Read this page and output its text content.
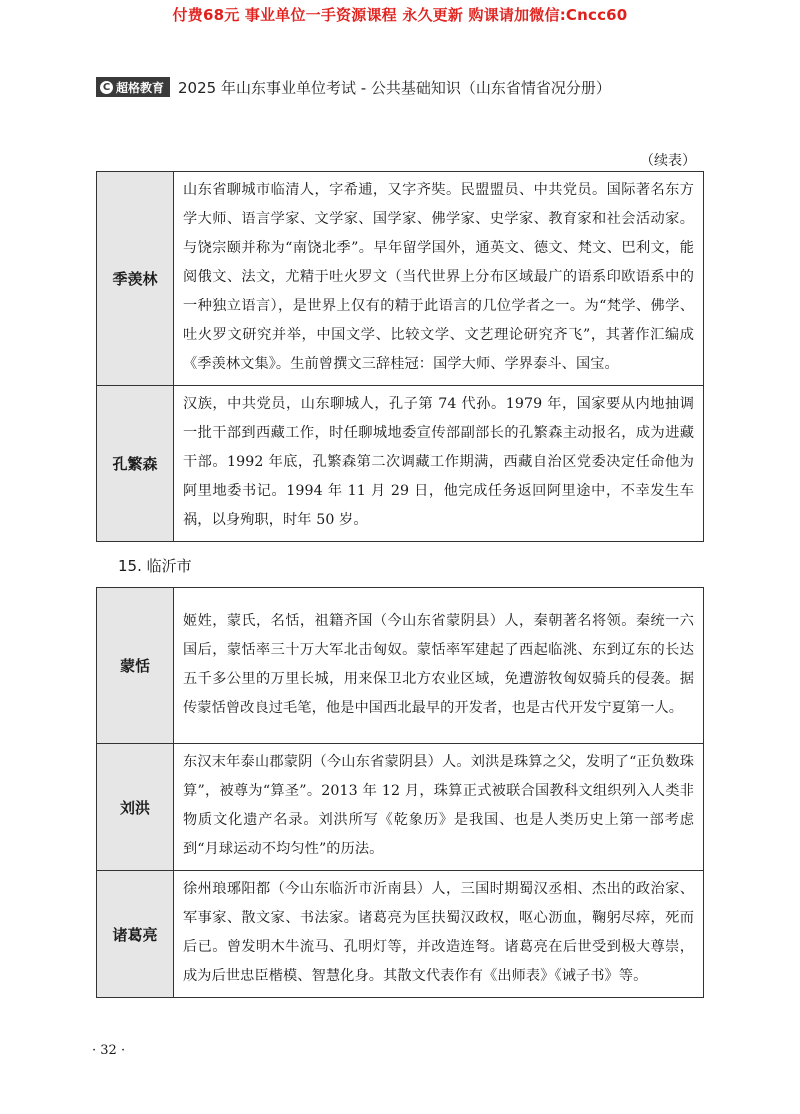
付费68元 事业单位一手资源课程 永久更新 购课请加微信:Cncc60
C 超格教育 2025 年山东事业单位考试 - 公共基础知识（山东省情省况分册）
（续表）
季羡林	山东省聊城市临清人，字希逋，又字齐奘。民盟盟员、中共党员。国际著名东方学大师、语言学家、文学家、国学家、佛学家、史学家、教育家和社会活动家。与饶宗颐并称为“南饶北季”。早年留学国外，通英文、德文、梵文、巴利文，能阅俄文、法文，尤精于吐火罗文（当代世界上分布区域最广的语系印欧语系中的一种独立语言），是世界上仅有的精于此语言的几位学者之一。为“梵学、佛学、吐火罗文研究并举，中国文学、比较文学、文艺理论研究齐飞”，其著作汇编成《季羡林文集》。生前曾撰文三辞桂冠：国学大师、学界泰斗、国宝。
孔繁森	汉族，中共党员，山东聊城人，孔子第 74 代孙。1979 年，国家要从内地抽调一批干部到西藏工作，时任聊城地委宣传部副部长的孔繁森主动报名，成为进藏干部。1992 年底，孔繁森第二次调藏工作期满，西藏自治区党委决定任命他为阿里地委书记。1994 年 11 月 29 日，他完成任务返回阿里途中，不幸发生车祸，以身殉职，时年 50 岁。
15. 临沂市
蒙恬	姬姓，蒙氏，名恬，祖籍齐国（今山东省蒙阴县）人，秦朝著名将领。秦统一六国后，蒙恬率三十万大军北击匈奴。蒙恬率军建起了西起临洮、东到辽东的长达五千多公里的万里长城，用来保卫北方农业区域，免遭游牧匈奴骑兵的侵袭。据传蒙恬曾改良过毛笔，他是中国西北最早的开发者，也是古代开发宁夏第一人。
刘洪	东汉末年泰山郡蒙阴（今山东省蒙阴县）人。刘洪是珠算之父，发明了“正负数珠算”，被尊为“算圣”。2013 年 12 月，珠算正式被联合国教科文组织列入人类非物质文化遗产名录。刘洪所写《乾象历》是我国、也是人类历史上第一部考虑到“月球运动不均匀性”的历法。
诸葛亮	徐州琅琊阳都（今山东临沂市沂南县）人，三国时期蜀汉丞相、杰出的政治家、军事家、散文家、书法家。诸葛亮为匡扶蜀汉政权，呕心沥血，鞠躬尽瘁，死而后已。曾发明木牛流马、孔明灯等，并改造连弩。诸葛亮在后世受到极大尊崇，成为后世忠臣楷模、智慧化身。其散文代表作有《出师表》《诫子书》等。
· 32 ·
